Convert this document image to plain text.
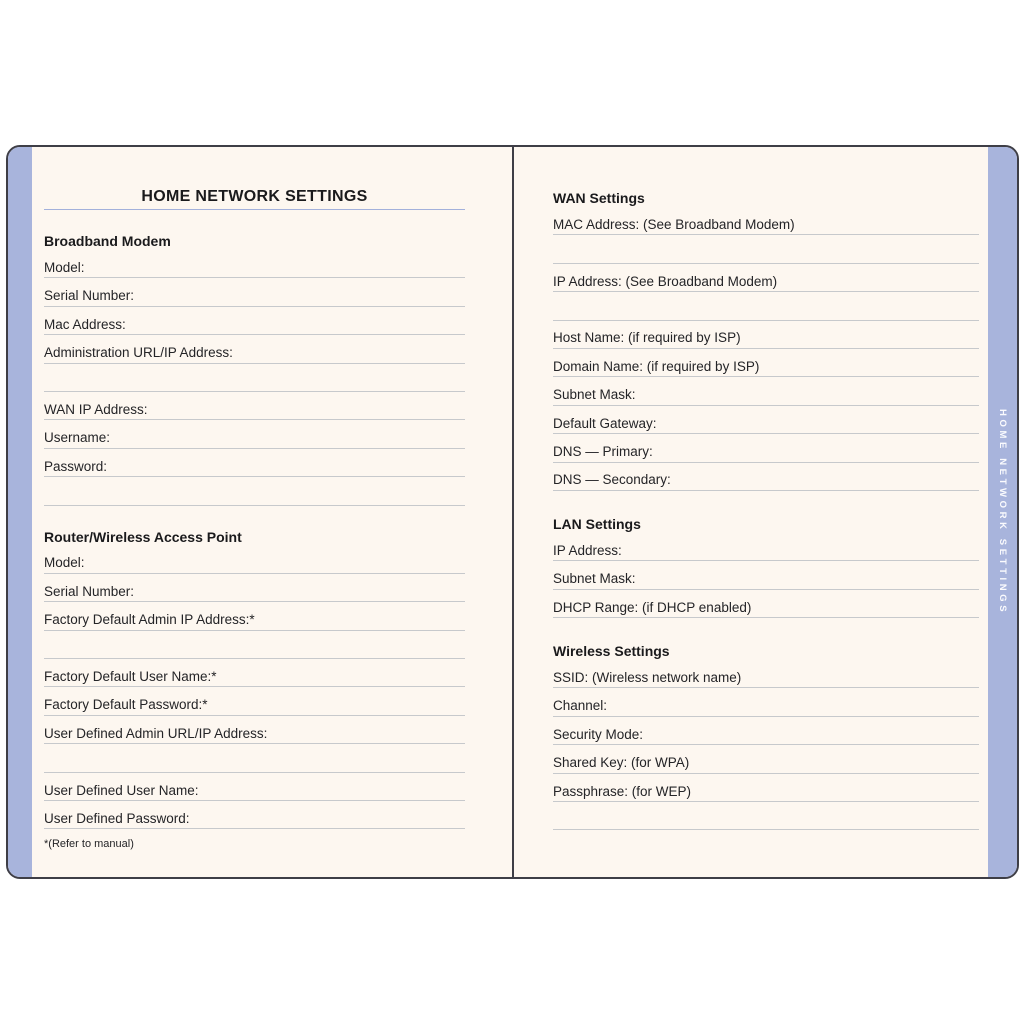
HOME NETWORK SETTINGS
Broadband Modem
Model:
Serial Number:
Mac Address:
Administration URL/IP Address:
WAN IP Address:
Username:
Password:
Router/Wireless Access Point
Model:
Serial Number:
Factory Default Admin IP Address:*
Factory Default User Name:*
Factory Default Password:*
User Defined Admin URL/IP Address:
User Defined User Name:
User Defined Password:
*(Refer to manual)
WAN Settings
MAC Address: (See Broadband Modem)
IP Address: (See Broadband Modem)
Host Name: (if required by ISP)
Domain Name: (if required by ISP)
Subnet Mask:
Default Gateway:
DNS — Primary:
DNS — Secondary:
LAN Settings
IP Address:
Subnet Mask:
DHCP Range: (if DHCP enabled)
Wireless Settings
SSID: (Wireless network name)
Channel:
Security Mode:
Shared Key: (for WPA)
Passphrase: (for WEP)
HOME NETWORK SETTINGS
